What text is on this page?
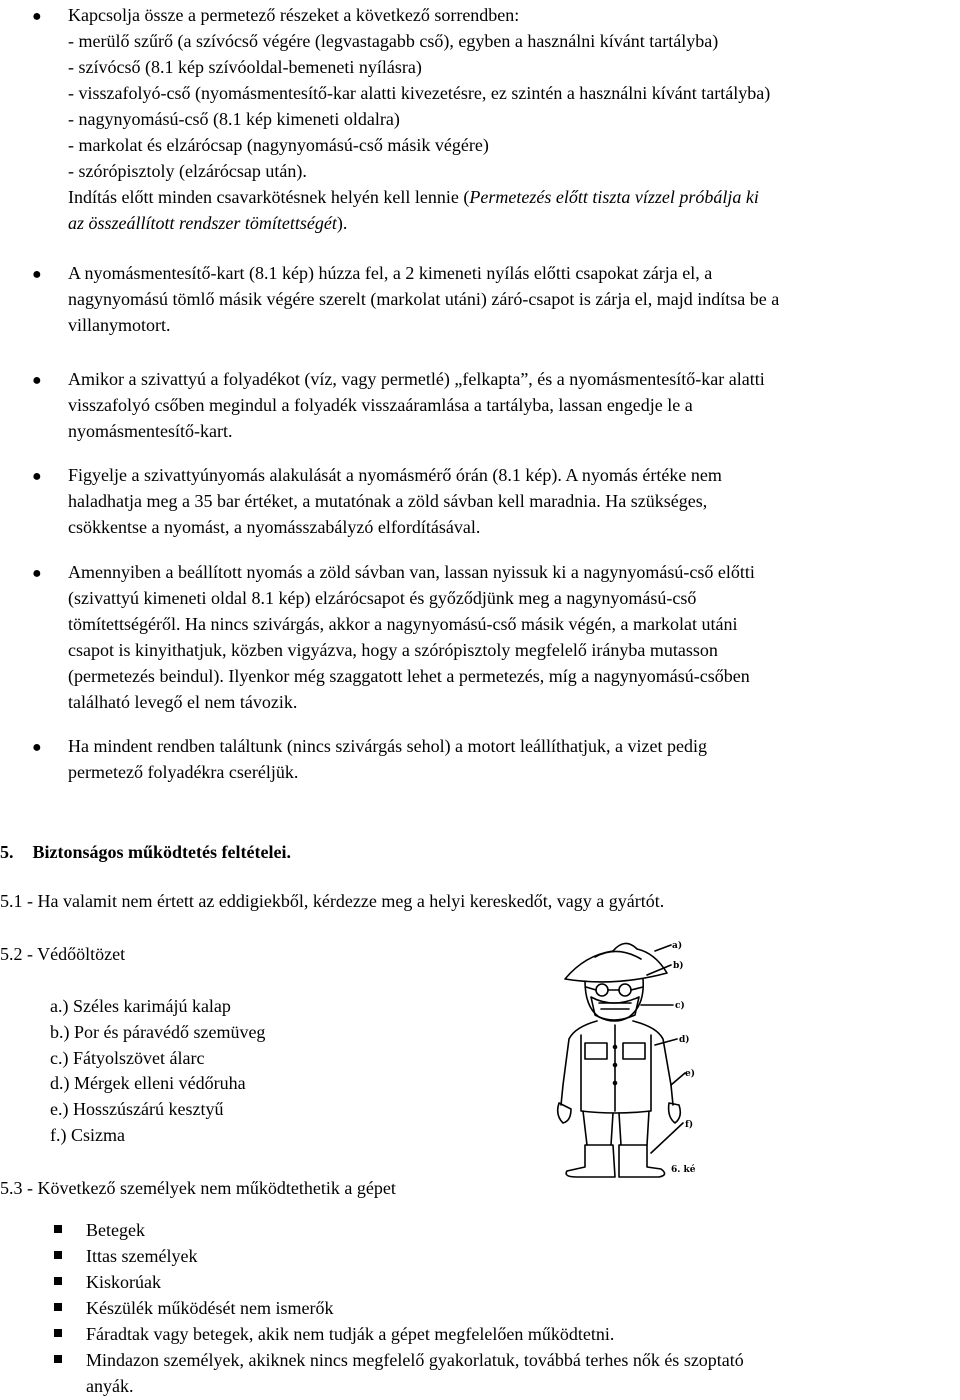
● Kapcsolja össze a permetező részeket a következő sorrendben:
- merülő szűrő (a szívócső végére (legvastagabb cső), egyben a használni kívánt tartályba)
- szívócső (8.1 kép szívóoldal-bemeneti nyílásra)
- visszafolyó-cső (nyomásmentesítő-kar alatti kivezetésre, ez szintén a használni kívánt tartályba)
- nagynyomású-cső (8.1 kép kimeneti oldalra)
- markolat és elzárócsap (nagynyomású-cső másik végére)
- szórópisztoly (elzárócsap után).
Indítás előtt minden csavarkötésnek helyén kell lennie (Permetezés előtt tiszta vízzel próbálja ki
az összeállított rendszer tömítettségét).
● A nyomásmentesítő-kart (8.1 kép) húzza fel, a 2 kimeneti nyílás előtti csapokat zárja el, a
nagynyomású tömlő másik végére szerelt (markolat utáni) záró-csapot is zárja el, majd indítsa be a
villanymotort.
● Amikor a szivattyú a folyadékot (víz, vagy permetlé) „felkapta”, és a nyomásmentesítő-kar alatti
visszafolyó csőben megindul a folyadék visszaáramlása a tartályba, lassan engedje le a
nyomásmentesítő-kart.
● Figyelje a szivattyúnyomás alakulását a nyomásmérő órán (8.1 kép). A nyomás értéke nem
haladhatja meg a 35 bar értéket, a mutatónak a zöld sávban kell maradnia. Ha szükséges,
csökkentse a nyomást, a nyomásszabályzó elfordításával.
● Amennyiben a beállított nyomás a zöld sávban van, lassan nyissuk ki a nagynyomású-cső előtti
(szivattyú kimeneti oldal 8.1 kép) elzárócsapot és győződjünk meg a nagynyomású-cső
tömítettségéről. Ha nincs szivárgás, akkor a nagynyomású-cső másik végén, a markolat utáni
csapot is kinyithatjuk, közben vigyázva, hogy a szórópisztoly megfelelő irányba mutasson
(permetezés beindul). Ilyenkor még szaggatott lehet a permetezés, míg a nagynyomású-csőben
található levegő el nem távozik.
● Ha mindent rendben találtunk (nincs szivárgás sehol) a motort leállíthatjuk, a vizet pedig
permetező folyadékra cseréljük.
5. Biztonságos működtetés feltételei.
5.1 - Ha valamit nem értett az eddigiekből, kérdezze meg a helyi kereskedőt, vagy a gyártót.
5.2 - Védőöltözet
a.) Széles karimájú kalap
b.) Por és páravédő szemüveg
c.) Fátyolszövet álarc
d.) Mérgek elleni védőruha
e.) Hosszúszárú kesztyű
f.) Csizma
a)
b)
c)
d)
e)
f)
6. ké
5.3 - Következő személyek nem működtethetik a gépet
Betegek
Ittas személyek
Kiskorúak
Készülék működését nem ismerők
Fáradtak vagy betegek, akik nem tudják a gépet megfelelően működtetni.
Mindazon személyek, akiknek nincs megfelelő gyakorlatuk, továbbá terhes nők és szoptató
anyák.
